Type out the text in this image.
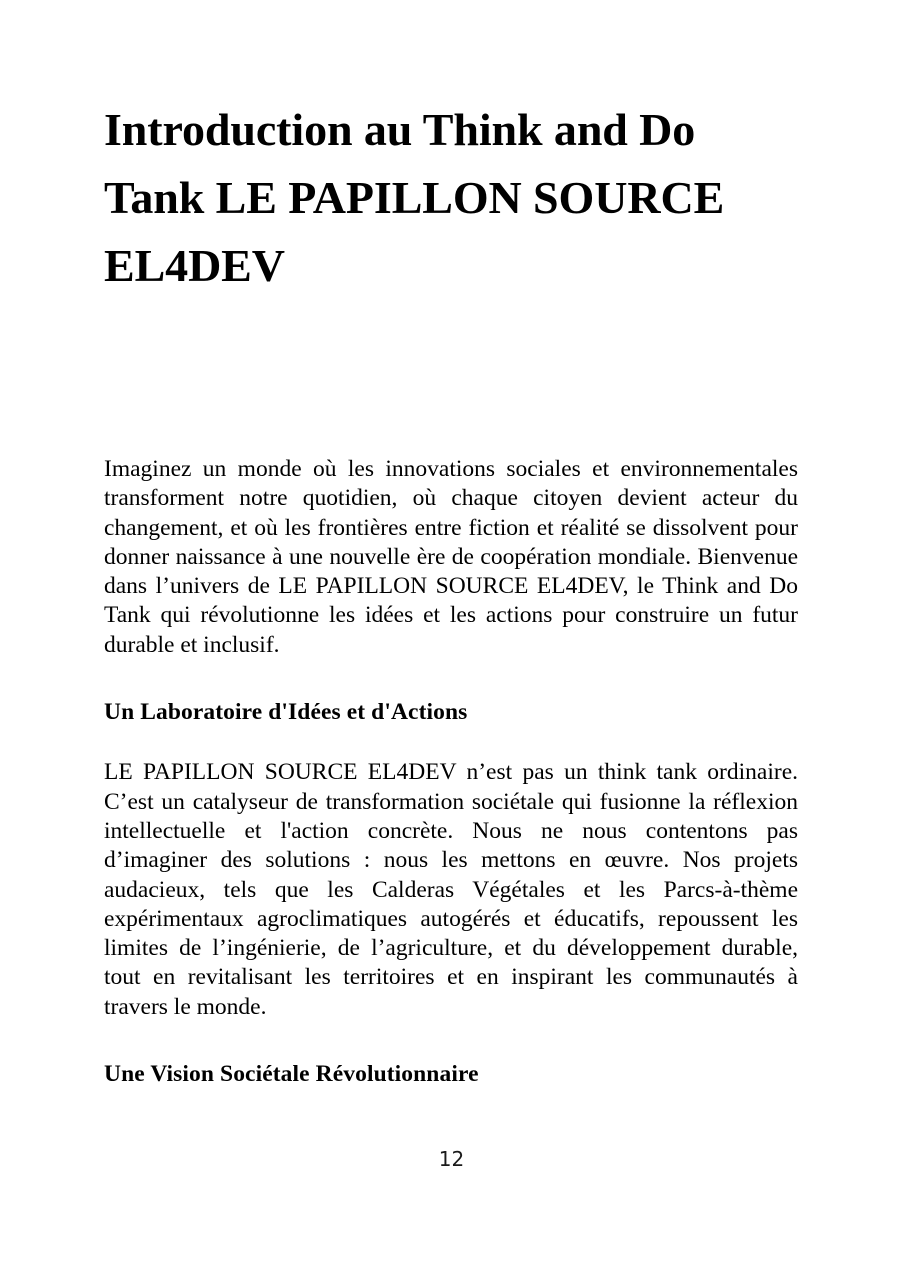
Introduction au Think and Do Tank LE PAPILLON SOURCE EL4DEV

Imaginez un monde où les innovations sociales et environnementales transforment notre quotidien, où chaque citoyen devient acteur du changement, et où les frontières entre fiction et réalité se dissolvent pour donner naissance à une nouvelle ère de coopération mondiale. Bienvenue dans l’univers de LE PAPILLON SOURCE EL4DEV, le Think and Do Tank qui révolutionne les idées et les actions pour construire un futur durable et inclusif.

Un Laboratoire d'Idées et d'Actions

LE PAPILLON SOURCE EL4DEV n’est pas un think tank ordinaire. C’est un catalyseur de transformation sociétale qui fusionne la réflexion intellectuelle et l'action concrète. Nous ne nous contentons pas d’imaginer des solutions : nous les mettons en œuvre. Nos projets audacieux, tels que les Calderas Végétales et les Parcs-à-thème expérimentaux agroclimatiques autogérés et éducatifs, repoussent les limites de l’ingénierie, de l’agriculture, et du développement durable, tout en revitalisant les territoires et en inspirant les communautés à travers le monde.

Une Vision Sociétale Révolutionnaire
12
